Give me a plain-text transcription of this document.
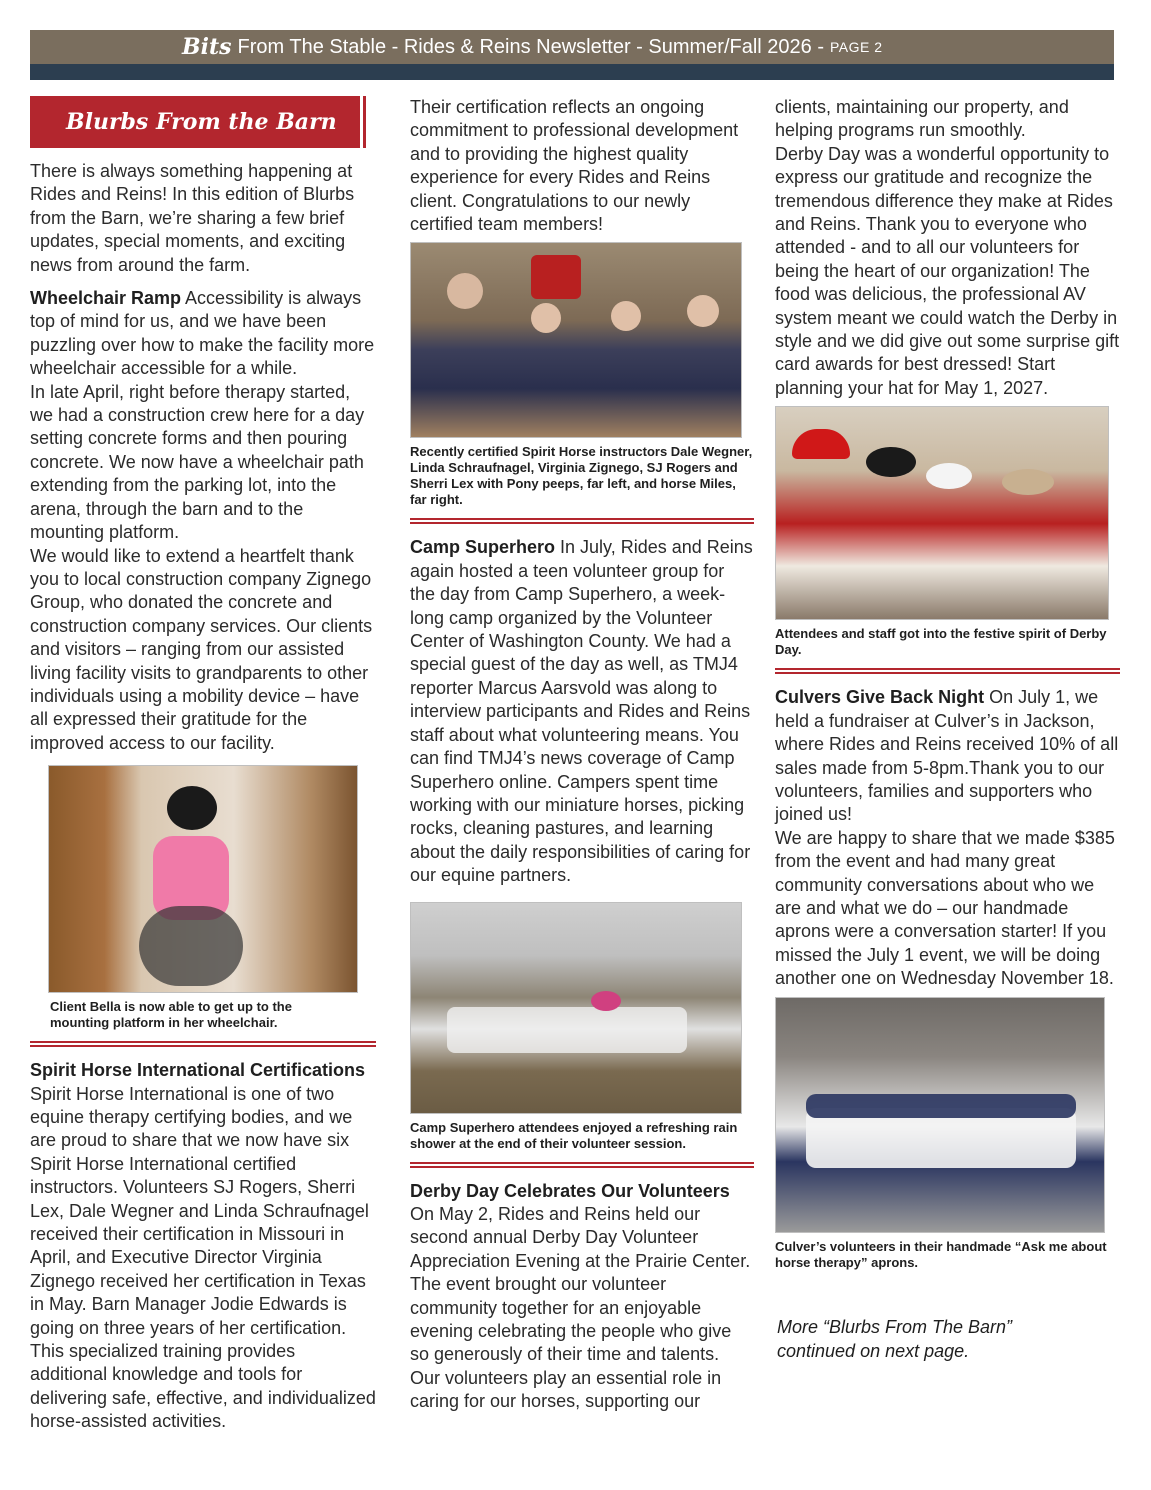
Bits From The Stable - Rides & Reins Newsletter - Summer/Fall 2026 - PAGE 2
Blurbs From the Barn

There is always something happening at Rides and Reins! In this edition of Blurbs from the Barn, we’re sharing a few brief updates, special moments, and exciting news from around the farm.

Wheelchair Ramp Accessibility is always top of mind for us, and we have been puzzling over how to make the facility more wheelchair accessible for a while.

In late April, right before therapy started, we had a construction crew here for a day setting concrete forms and then pouring concrete. We now have a wheelchair path extending from the parking lot, into the arena, through the barn and to the mounting platform.

We would like to extend a heartfelt thank you to local construction company Zignego Group, who donated the concrete and construction company services. Our clients and visitors – ranging from our assisted living facility visits to grandparents to other individuals using a mobility device – have all expressed their gratitude for the improved access to our facility.

Client Bella is now able to get up to the mounting platform in her wheelchair.

Spirit Horse International Certifications

Spirit Horse International is one of two equine therapy certifying bodies, and we are proud to share that we now have six Spirit Horse International certified instructors. Volunteers SJ Rogers, Sherri Lex, Dale Wegner and Linda Schraufnagel received their certification in Missouri in April, and Executive Director Virginia Zignego received her certification in Texas in May. Barn Manager Jodie Edwards is going on three years of her certification.

This specialized training provides additional knowledge and tools for delivering safe, effective, and individualized horse-assisted activities.

Their certification reflects an ongoing commitment to professional development and to providing the highest quality experience for every Rides and Reins client. Congratulations to our newly certified team members!

Recently certified Spirit Horse instructors Dale Wegner, Linda Schraufnagel, Virginia Zignego, SJ Rogers and Sherri Lex with Pony peeps, far left, and horse Miles, far right.

Camp Superhero In July, Rides and Reins again hosted a teen volunteer group for the day from Camp Superhero, a week-long camp organized by the Volunteer Center of Washington County. We had a special guest of the day as well, as TMJ4 reporter Marcus Aarsvold was along to interview participants and Rides and Reins staff about what volunteering means. You can find TMJ4’s news coverage of Camp Superhero online. Campers spent time working with our miniature horses, picking rocks, cleaning pastures, and learning about the daily responsibilities of caring for our equine partners.

Camp Superhero attendees enjoyed a refreshing rain shower at the end of their volunteer session.

Derby Day Celebrates Our Volunteers

On May 2, Rides and Reins held our second annual Derby Day Volunteer Appreciation Evening at the Prairie Center. The event brought our volunteer community together for an enjoyable evening celebrating the people who give so generously of their time and talents.

Our volunteers play an essential role in caring for our horses, supporting our

clients, maintaining our property, and helping programs run smoothly.

Derby Day was a wonderful opportunity to express our gratitude and recognize the tremendous difference they make at Rides and Reins. Thank you to everyone who attended - and to all our volunteers for being the heart of our organization! The food was delicious, the professional AV system meant we could watch the Derby in style and we did give out some surprise gift card awards for best dressed! Start planning your hat for May 1, 2027.

Attendees and staff got into the festive spirit of Derby Day.

Culvers Give Back Night On July 1, we held a fundraiser at Culver’s in Jackson, where Rides and Reins received 10% of all sales made from 5-8pm.Thank you to our volunteers, families and supporters who joined us!

We are happy to share that we made $385 from the event and had many great community conversations about who we are and what we do – our handmade aprons were a conversation starter! If you missed the July 1 event, we will be doing another one on Wednesday November 18.

Culver’s volunteers in their handmade “Ask me about horse therapy” aprons.
More “Blurbs From The Barn” continued on next page.
